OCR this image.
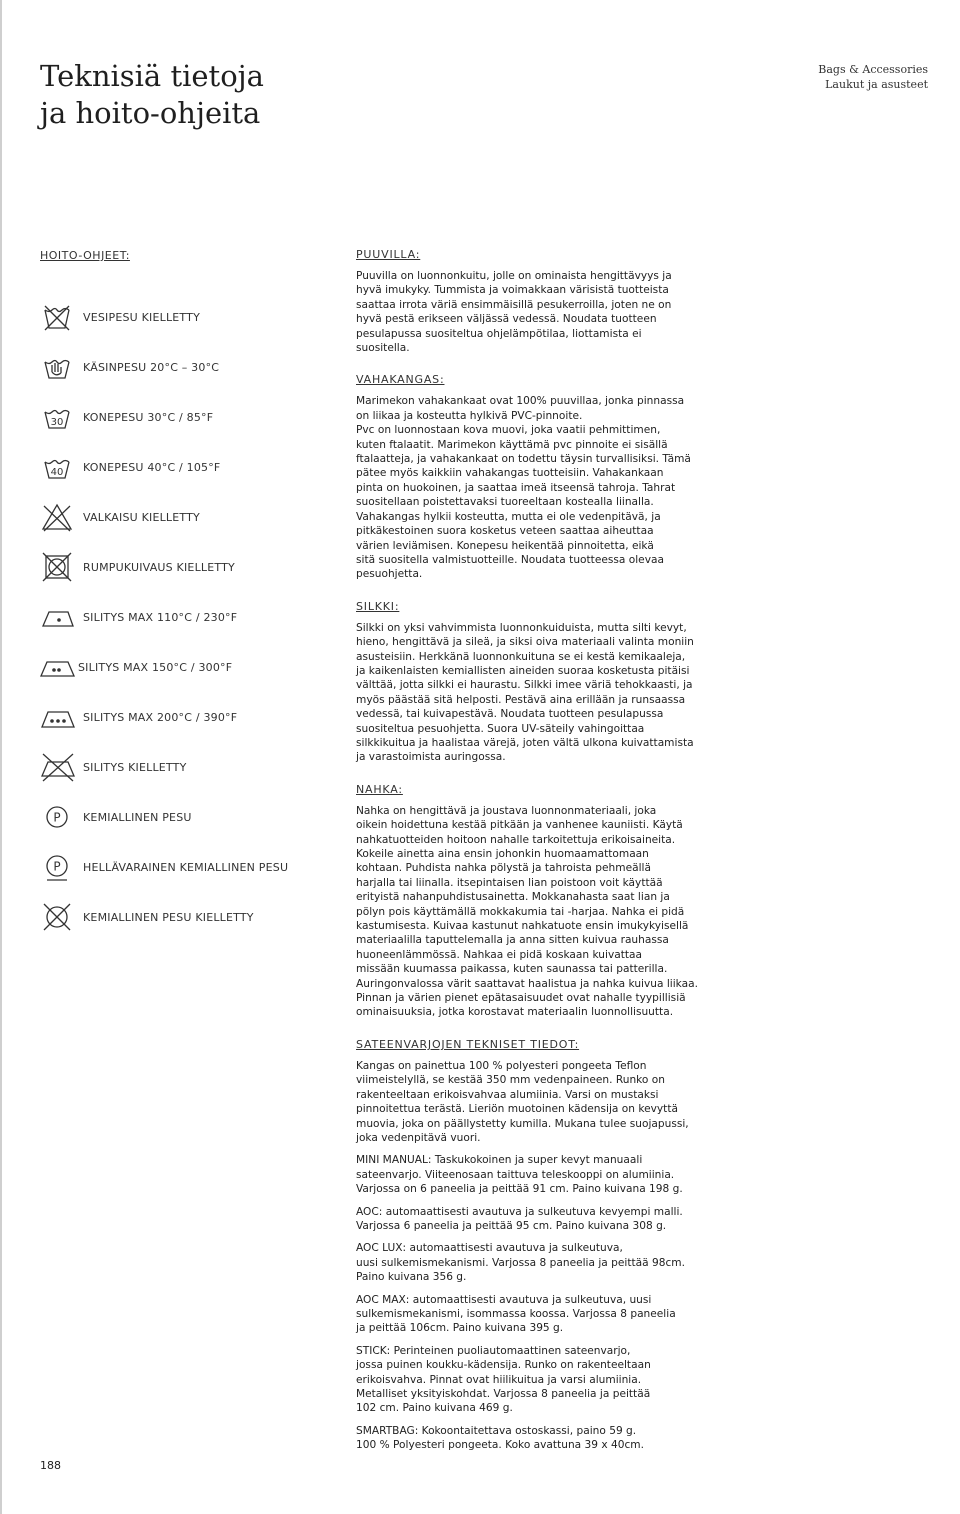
Teknisiä tietoja
ja hoito-ohjeita
Bags & Accessories
Laukut ja asusteet
HOITO-OHJEET:
VESIPESU KIELLETTY
KÄSINPESU 20°C – 30°C
30 KONEPESU 30°C / 85°F
40 KONEPESU 40°C / 105°F
VALKAISU KIELLETTY
RUMPUKUIVAUS KIELLETTY
SILITYS MAX 110°C / 230°F
SILITYS MAX 150°C / 300°F
SILITYS MAX 200°C / 390°F
SILITYS KIELLETTY
P KEMIALLINEN PESU
P HELLÄVARAINEN KEMIALLINEN PESU
KEMIALLINEN PESU KIELLETTY
PUUVILLA:

Puuvilla on luonnonkuitu, jolle on ominaista hengittävyys ja
hyvä imukyky. Tummista ja voimakkaan värisistä tuotteista
saattaa irrota väriä ensimmäisillä pesukerroilla, joten ne on
hyvä pestä erikseen väljässä vedessä. Noudata tuotteen
pesulapussa suositeltua ohjelämpötilaa, liottamista ei
suositella.

VAHAKANGAS:

Marimekon vahakankaat ovat 100% puuvillaa, jonka pinnassa
on liikaa ja kosteutta hylkivä PVC-pinnoite.
Pvc on luonnostaan kova muovi, joka vaatii pehmittimen,
kuten ftalaatit. Marimekon käyttämä pvc pinnoite ei sisällä
ftalaatteja, ja vahakankaat on todettu täysin turvallisiksi. Tämä
pätee myös kaikkiin vahakangas tuotteisiin. Vahakankaan
pinta on huokoinen, ja saattaa imeä itseensä tahroja. Tahrat
suositellaan poistettavaksi tuoreeltaan kostealla liinalla.
Vahakangas hylkii kosteutta, mutta ei ole vedenpitävä, ja
pitkäkestoinen suora kosketus veteen saattaa aiheuttaa
värien leviämisen. Konepesu heikentää pinnoitetta, eikä
sitä suositella valmistuotteille. Noudata tuotteessa olevaa
pesuohjetta.

SILKKI:

Silkki on yksi vahvimmista luonnonkuiduista, mutta silti kevyt,
hieno, hengittävä ja sileä, ja siksi oiva materiaali valinta moniin
asusteisiin. Herkkänä luonnonkuituna se ei kestä kemikaaleja,
ja kaikenlaisten kemiallisten aineiden suoraa kosketusta pitäisi
välttää, jotta silkki ei haurastu. Silkki imee väriä tehokkaasti, ja
myös päästää sitä helposti. Pestävä aina erillään ja runsaassa
vedessä, tai kuivapestävä. Noudata tuotteen pesulapussa
suositeltua pesuohjetta. Suora UV-säteily vahingoittaa
silkkikuitua ja haalistaa värejä, joten vältä ulkona kuivattamista
ja varastoimista auringossa.

NAHKA:

Nahka on hengittävä ja joustava luonnonmateriaali, joka
oikein hoidettuna kestää pitkään ja vanhenee kauniisti. Käytä
nahkatuotteiden hoitoon nahalle tarkoitettuja erikoisaineita.
Kokeile ainetta aina ensin johonkin huomaamattomaan
kohtaan. Puhdista nahka pölystä ja tahroista pehmeällä
harjalla tai liinalla. itsepintaisen lian poistoon voit käyttää
erityistä nahanpuhdistusainetta. Mokkanahasta saat lian ja
pölyn pois käyttämällä mokkakumia tai -harjaa. Nahka ei pidä
kastumisesta. Kuivaa kastunut nahkatuote ensin imukykyisellä
materiaalilla taputtelemalla ja anna sitten kuivua rauhassa
huoneenlämmössä. Nahkaa ei pidä koskaan kuivattaa
missään kuumassa paikassa, kuten saunassa tai patterilla.
Auringonvalossa värit saattavat haalistua ja nahka kuivua liikaa.
Pinnan ja värien pienet epätasaisuudet ovat nahalle tyypillisiä
ominaisuuksia, jotka korostavat materiaalin luonnollisuutta.

SATEENVARJOJEN TEKNISET TIEDOT:

Kangas on painettua 100 % polyesteri pongeeta Teflon
viimeistelyllä, se kestää 350 mm vedenpaineen. Runko on
rakenteeltaan erikoisvahvaa alumiinia. Varsi on mustaksi
pinnoitettua terästä. Lieriön muotoinen kädensija on kevyttä
muovia, joka on päällystetty kumilla. Mukana tulee suojapussi,
joka vedenpitävä vuori.

MINI MANUAL: Taskukokoinen ja super kevyt manuaali
sateenvarjo. Viiteenosaan taittuva teleskooppi on alumiinia.
Varjossa on 6 paneelia ja peittää 91 cm. Paino kuivana 198 g.

AOC: automaattisesti avautuva ja sulkeutuva kevyempi malli.
Varjossa 6 paneelia ja peittää 95 cm. Paino kuivana 308 g.

AOC LUX: automaattisesti avautuva ja sulkeutuva,
uusi sulkemismekanismi. Varjossa 8 paneelia ja peittää 98cm.
Paino kuivana 356 g.

AOC MAX: automaattisesti avautuva ja sulkeutuva, uusi
sulkemismekanismi, isommassa koossa. Varjossa 8 paneelia
ja peittää 106cm. Paino kuivana 395 g.

STICK: Perinteinen puoliautomaattinen sateenvarjo,
jossa puinen koukku-kädensija. Runko on rakenteeltaan
erikoisvahva. Pinnat ovat hiilikuitua ja varsi alumiinia.
Metalliset yksityiskohdat. Varjossa 8 paneelia ja peittää
102 cm. Paino kuivana 469 g.

SMARTBAG: Kokoontaitettava ostoskassi, paino 59 g.
100 % Polyesteri pongeeta. Koko avattuna 39 x 40cm.

188
